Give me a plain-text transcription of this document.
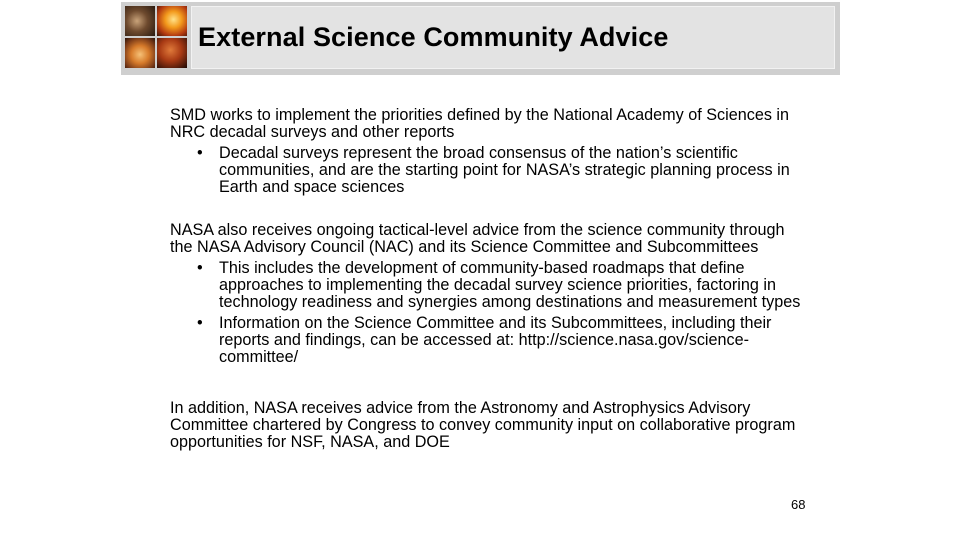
External Science Community Advice

SMD works to implement the priorities defined by the National Academy of Sciences in NRC decadal surveys and other reports

• Decadal surveys represent the broad consensus of the nation’s scientific communities, and are the starting point for NASA’s strategic planning process in Earth and space sciences

NASA also receives ongoing tactical-level advice from the science community through the NASA Advisory Council (NAC) and its Science Committee and Subcommittees

• This includes the development of community-based roadmaps that define approaches to implementing the decadal survey science priorities, factoring in technology readiness and synergies among destinations and measurement types
• Information on the Science Committee and its Subcommittees, including their reports and findings, can be accessed at: http://science.nasa.gov/science-committee/

In addition, NASA receives advice from the Astronomy and Astrophysics Advisory Committee chartered by Congress to convey community input on collaborative program opportunities for NSF, NASA, and DOE

68
